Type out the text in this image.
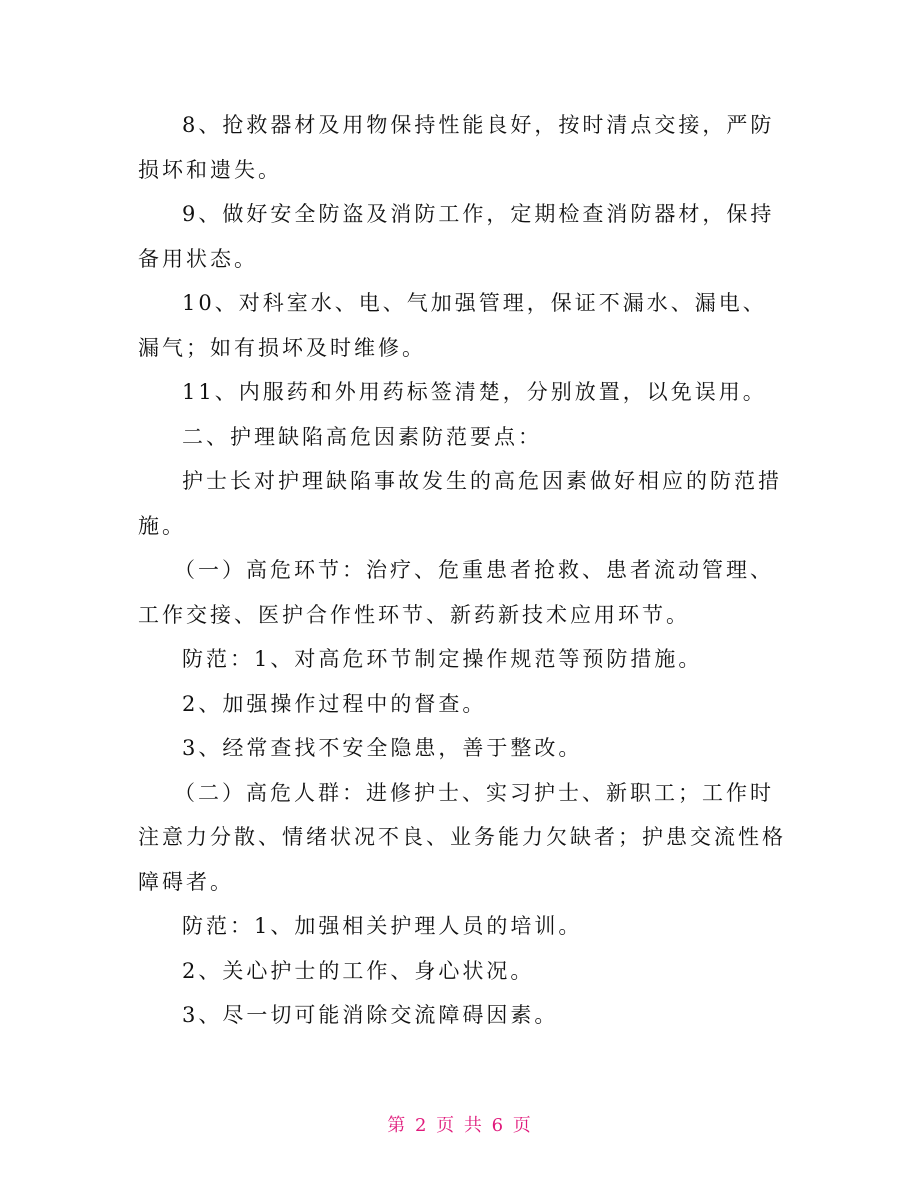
8、抢救器材及用物保持性能良好，按时清点交接，严防损坏和遗失。

9、做好安全防盗及消防工作，定期检查消防器材，保持备用状态。

10、对科室水、电、气加强管理，保证不漏水、漏电、漏气；如有损坏及时维修。

11、内服药和外用药标签清楚，分别放置，以免误用。

二、护理缺陷高危因素防范要点：

护士长对护理缺陷事故发生的高危因素做好相应的防范措施。

（一）高危环节：治疗、危重患者抢救、患者流动管理、工作交接、医护合作性环节、新药新技术应用环节。

防范：1、对高危环节制定操作规范等预防措施。

2、加强操作过程中的督查。

3、经常查找不安全隐患，善于整改。

（二）高危人群：进修护士、实习护士、新职工；工作时注意力分散、情绪状况不良、业务能力欠缺者；护患交流性格障碍者。

防范：1、加强相关护理人员的培训。

2、关心护士的工作、身心状况。

3、尽一切可能消除交流障碍因素。

第 2 页 共 6 页
